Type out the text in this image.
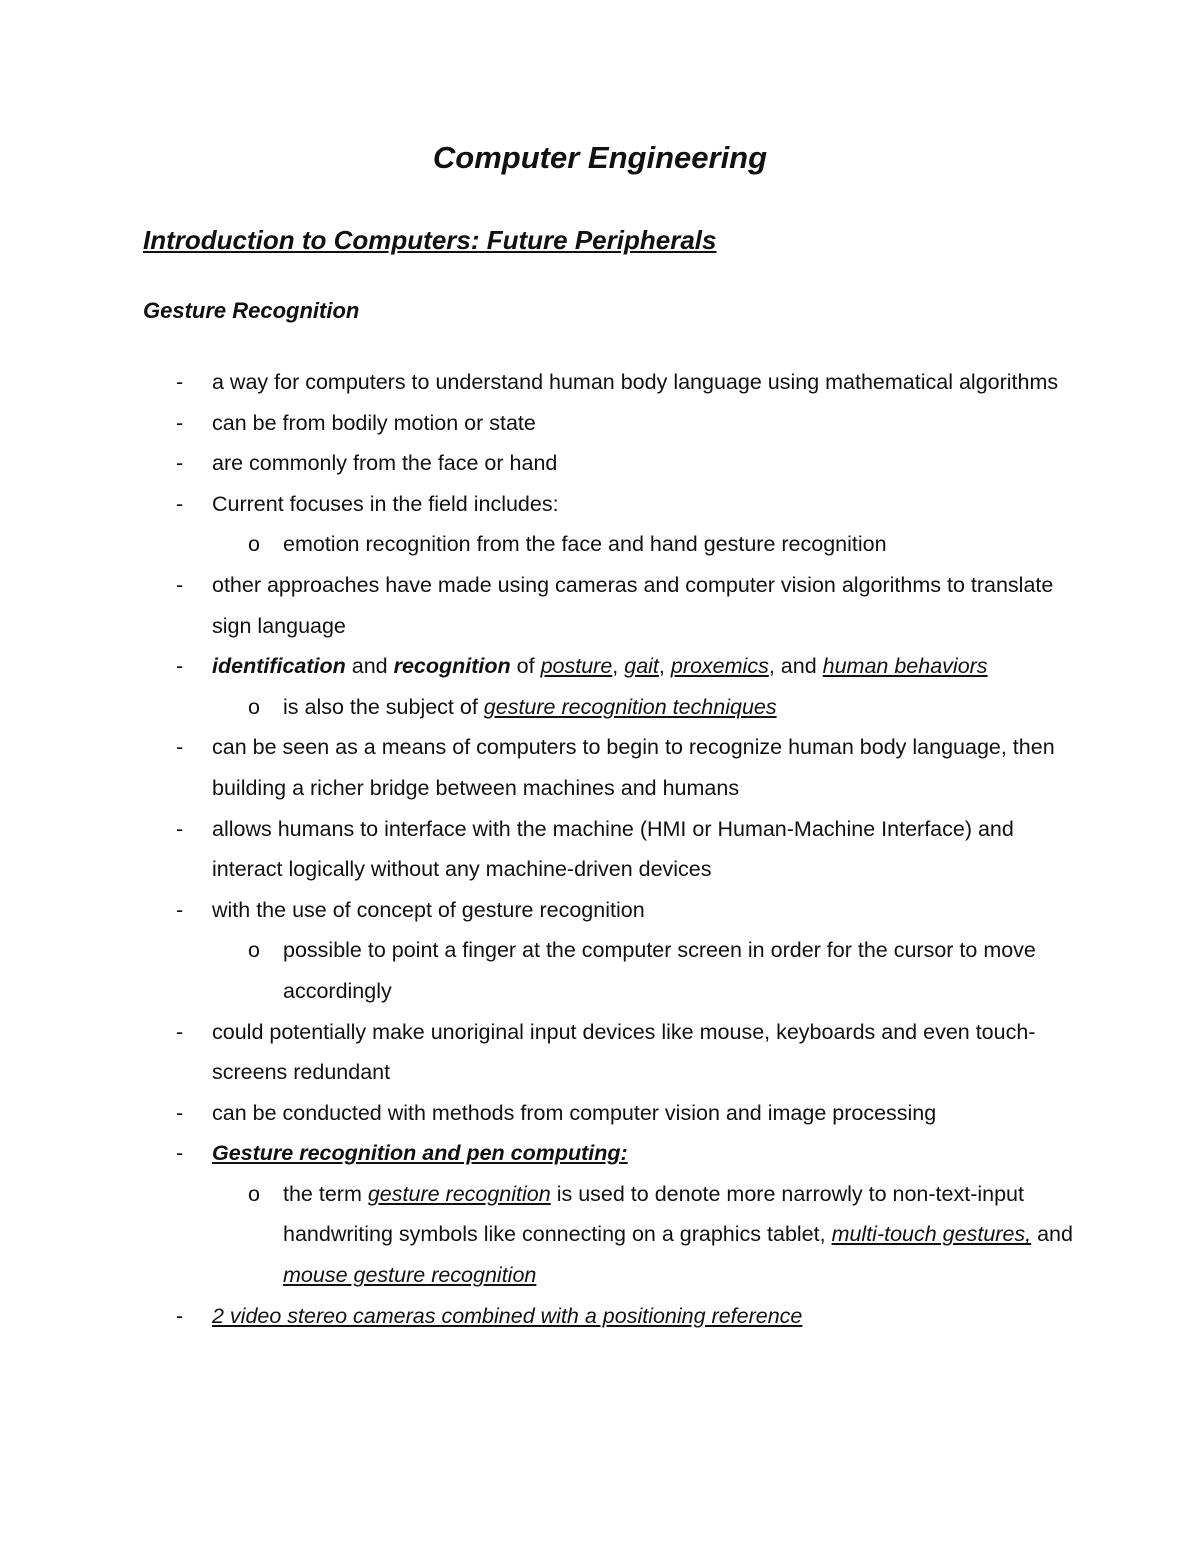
Computer Engineering
Introduction to Computers: Future Peripherals
Gesture Recognition
- a way for computers to understand human body language using mathematical algorithms
- can be from bodily motion or state
- are commonly from the face or hand
- Current focuses in the field includes:
o emotion recognition from the face and hand gesture recognition
- other approaches have made using cameras and computer vision algorithms to translate sign language
- identification and recognition of posture, gait, proxemics, and human behaviors
o is also the subject of gesture recognition techniques
- can be seen as a means of computers to begin to recognize human body language, then building a richer bridge between machines and humans
- allows humans to interface with the machine (HMI or Human-Machine Interface) and interact logically without any machine-driven devices
- with the use of concept of gesture recognition
o possible to point a finger at the computer screen in order for the cursor to move accordingly
- could potentially make unoriginal input devices like mouse, keyboards and even touch-screens redundant
- can be conducted with methods from computer vision and image processing
- Gesture recognition and pen computing:
o the term gesture recognition is used to denote more narrowly to non-text-input handwriting symbols like connecting on a graphics tablet, multi-touch gestures, and mouse gesture recognition
- 2 video stereo cameras combined with a positioning reference
